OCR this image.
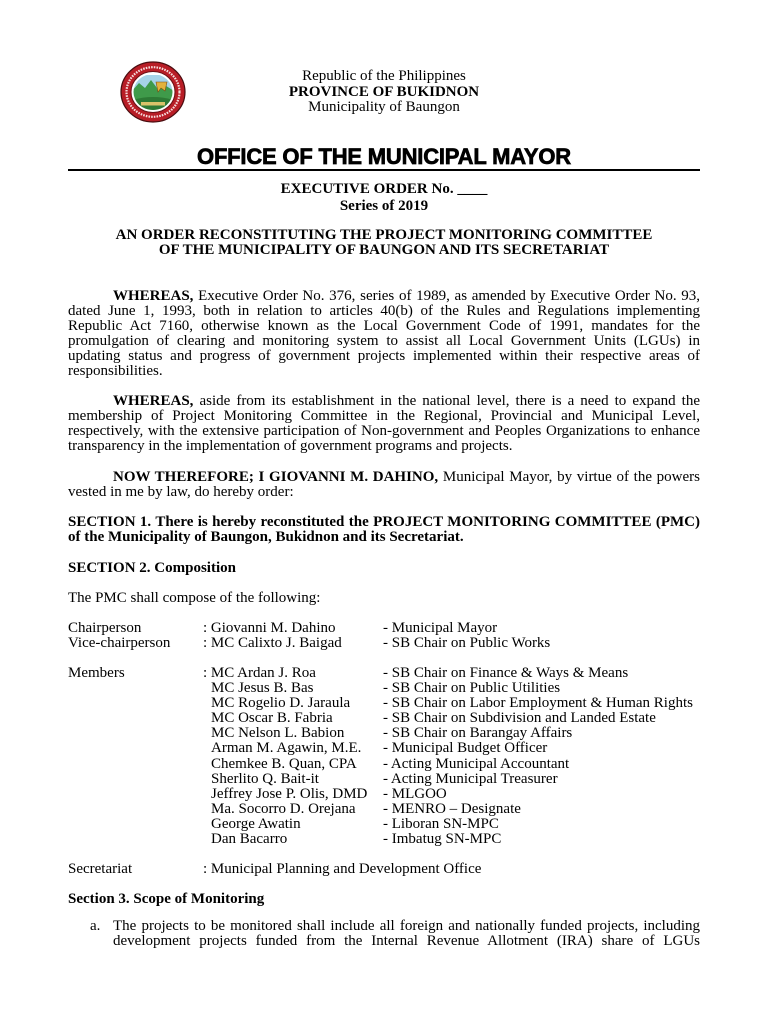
Republic of the Philippines
PROVINCE OF BUKIDNON
Municipality of Baungon
OFFICE OF THE MUNICIPAL MAYOR
EXECUTIVE ORDER No. ____
Series of 2019
AN ORDER RECONSTITUTING THE PROJECT MONITORING COMMITTEE
OF THE MUNICIPALITY OF BAUNGON AND ITS SECRETARIAT
WHEREAS, Executive Order No. 376, series of 1989, as amended by Executive Order No. 93,
dated June 1, 1993, both in relation to articles 40(b) of the Rules and Regulations implementing
Republic Act 7160, otherwise known as the Local Government Code of 1991, mandates for the
promulgation of clearing and monitoring system to assist all Local Government Units (LGUs) in
updating status and progress of government projects implemented within their respective areas of
responsibilities.
WHEREAS, aside from its establishment in the national level, there is a need to expand the
membership of Project Monitoring Committee in the Regional, Provincial and Municipal Level,
respectively, with the extensive participation of Non-government and Peoples Organizations to enhance
transparency in the implementation of government programs and projects.
NOW THEREFORE; I GIOVANNI M. DAHINO, Municipal Mayor, by virtue of the powers
vested in me by law, do hereby order:
SECTION 1. There is hereby reconstituted the PROJECT MONITORING COMMITTEE (PMC)
of the Municipality of Baungon, Bukidnon and its Secretariat.
SECTION 2. Composition
The PMC shall compose of the following:
Chairperson	: Giovanni M. Dahino	- Municipal Mayor
Vice-chairperson : MC Calixto J. Baigad	- SB Chair on Public Works
Members	: MC Ardan J. Roa	- SB Chair on Finance & Ways & Means
MC Jesus B. Bas	- SB Chair on Public Utilities
MC Rogelio D. Jaraula - SB Chair on Labor Employment & Human Rights
MC Oscar B. Fabria	- SB Chair on Subdivision and Landed Estate
MC Nelson L. Babion	- SB Chair on Barangay Affairs
Arman M. Agawin, M.E. - Municipal Budget Officer
Chemkee B. Quan, CPA - Acting Municipal Accountant
Sherlito Q. Bait-it	- Acting Municipal Treasurer
Jeffrey Jose P. Olis, DMD - MLGOO
Ma. Socorro D. Orejana - MENRO – Designate
George Awatin	- Liboran SN-MPC
Dan Bacarro	- Imbatug SN-MPC
Secretariat	: Municipal Planning and Development Office
Section 3. Scope of Monitoring
a. The projects to be monitored shall include all foreign and nationally funded projects, including
development projects funded from the Internal Revenue Allotment (IRA) share of LGUs
